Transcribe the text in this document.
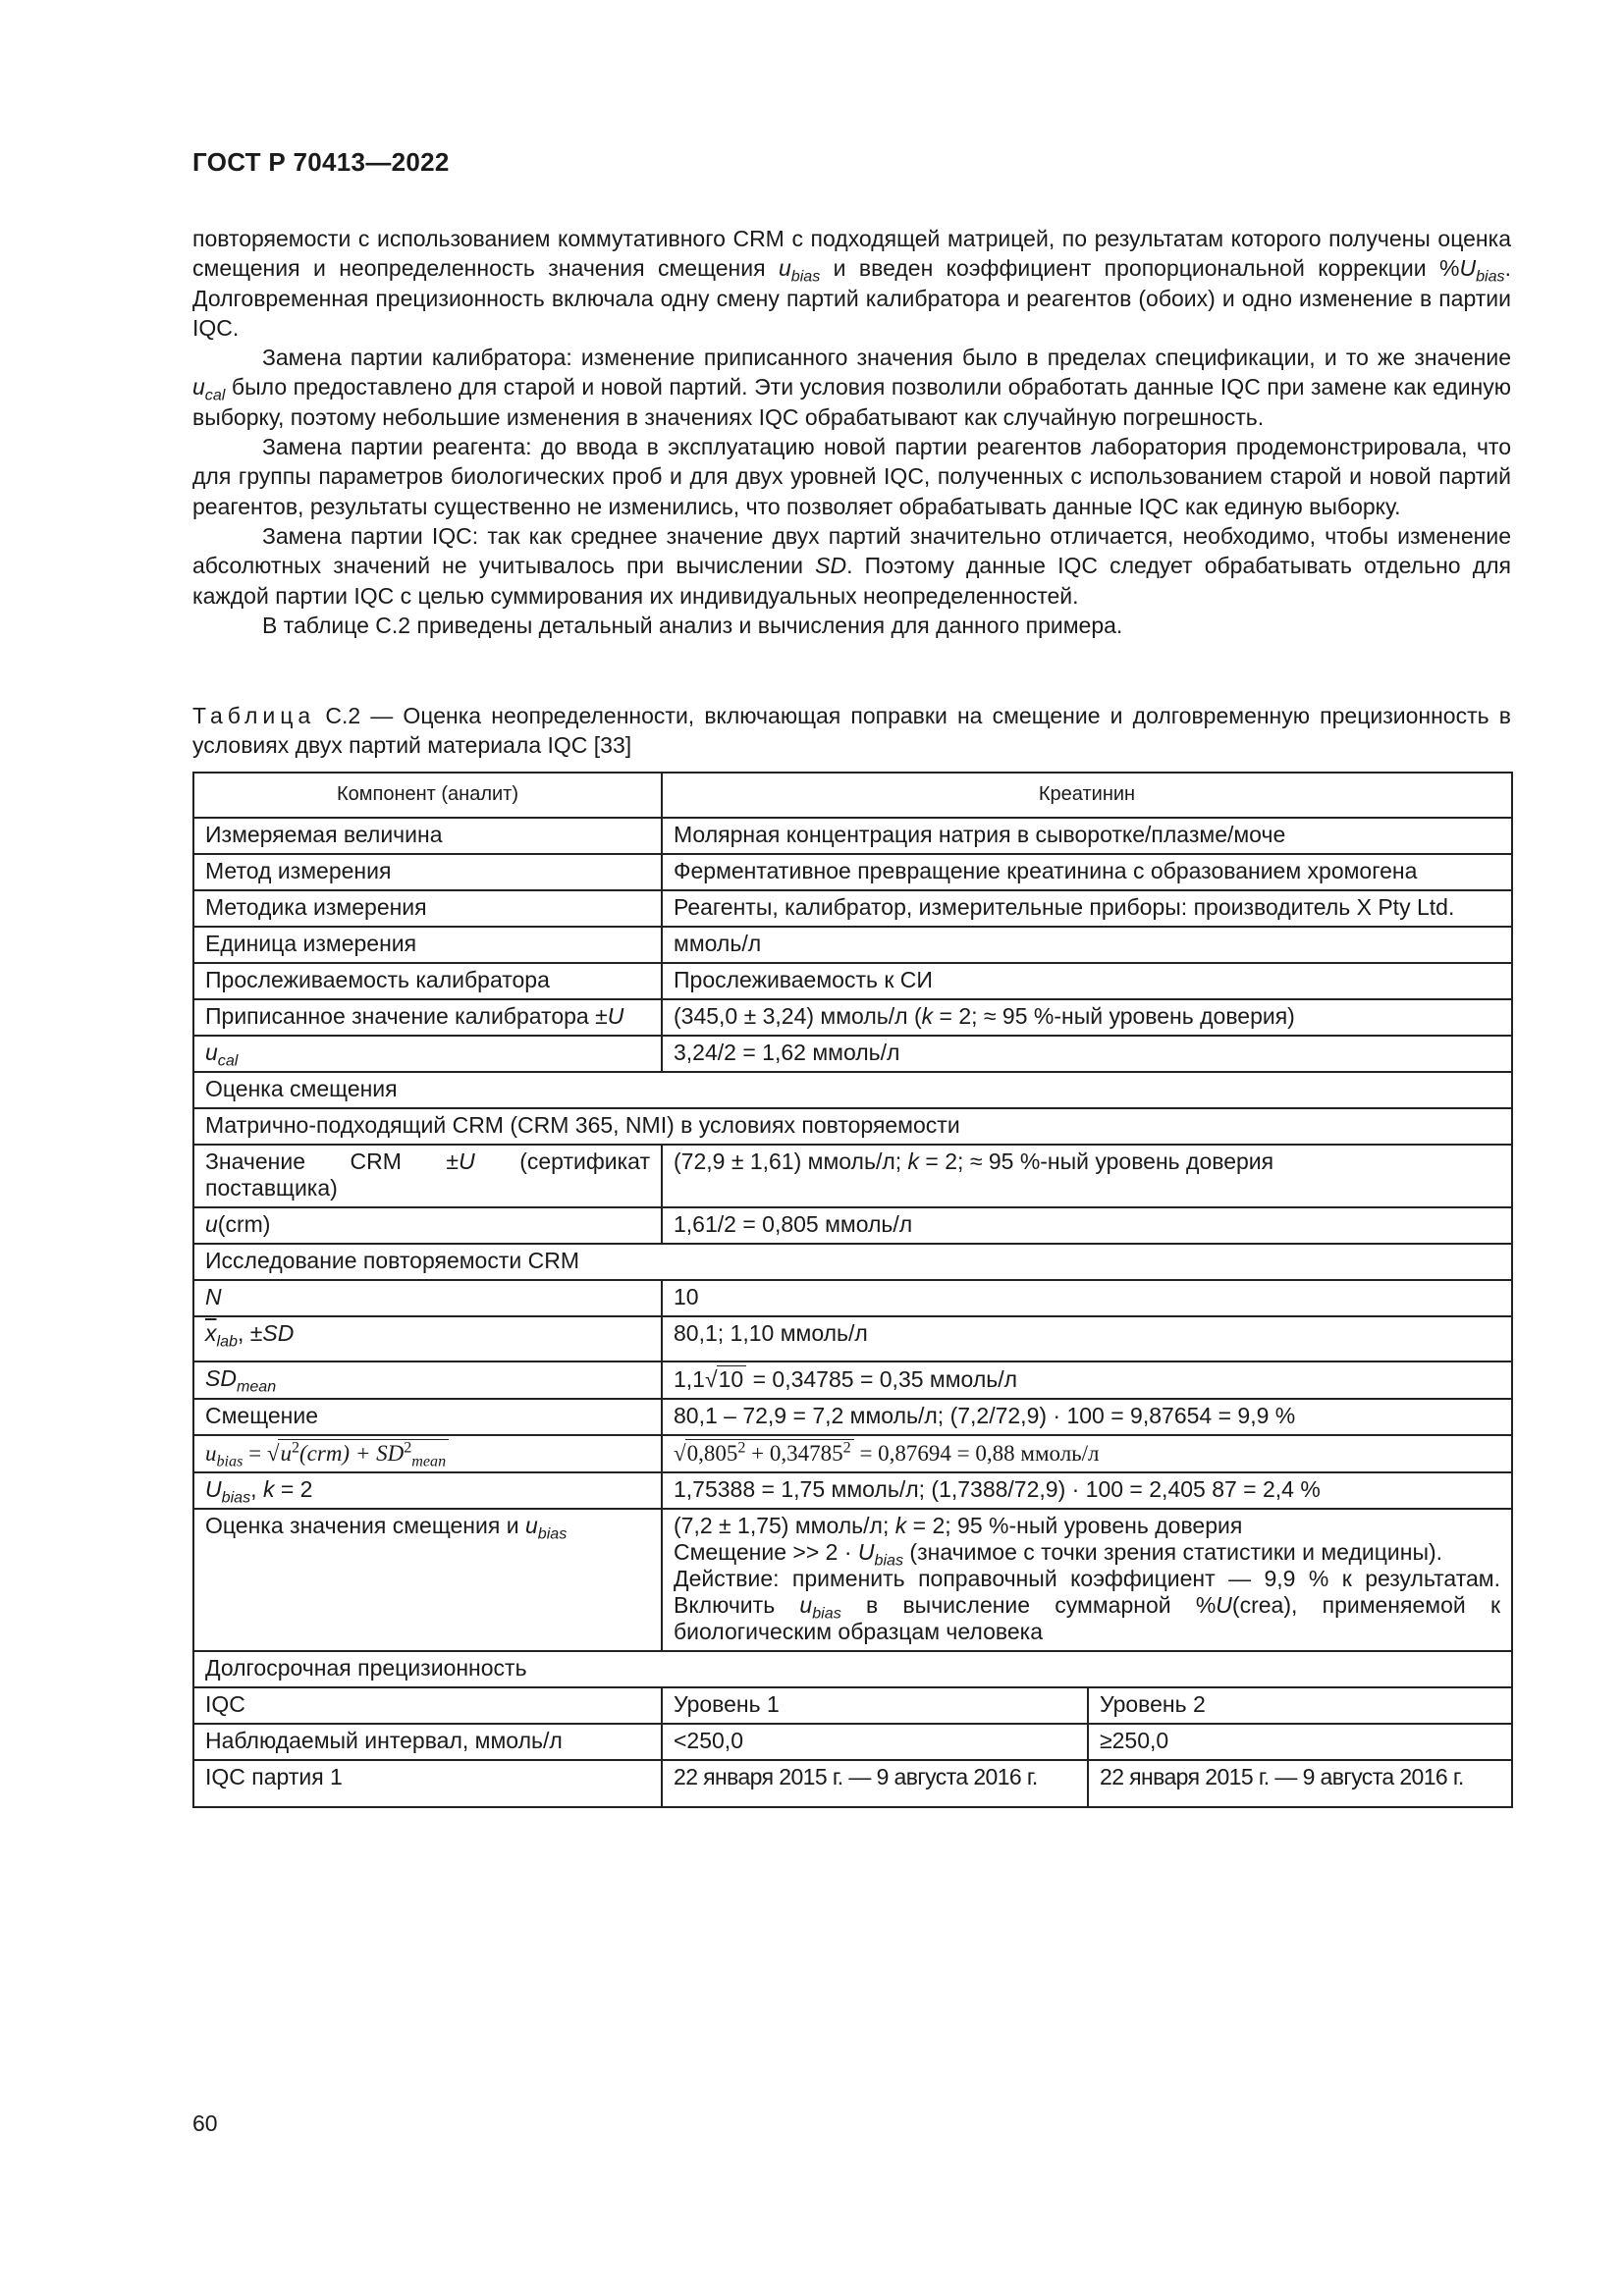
ГОСТ Р 70413—2022

повторяемости с использованием коммутативного CRM с подходящей матрицей, по результатам которого получены оценка смещения и неопределенность значения смещения $u_{bias}$ и введен коэффициент пропорциональной коррекции $\%U_{bias}$. Долговременная прецизионность включала одну смену партий калибратора и реагентов (обоих) и одно изменение в партии IQC.

Замена партии калибратора: изменение приписанного значения было в пределах спецификации, и то же значение $u_{cal}$ было предоставлено для старой и новой партий. Эти условия позволили обработать данные IQC при замене как единую выборку, поэтому небольшие изменения в значениях IQC обрабатывают как случайную погрешность.

Замена партии реагента: до ввода в эксплуатацию новой партии реагентов лаборатория продемонстрировала, что для группы параметров биологических проб и для двух уровней IQC, полученных с использованием старой и новой партий реагентов, результаты существенно не изменились, что позволяет обрабатывать данные IQC как единую выборку.

Замена партии IQC: так как среднее значение двух партий значительно отличается, необходимо, чтобы изменение абсолютных значений не учитывалось при вычислении SD. Поэтому данные IQC следует обрабатывать отдельно для каждой партии IQC с целью суммирования их индивидуальных неопределенностей.

В таблице С.2 приведены детальный анализ и вычисления для данного примера.

Таблица С.2 — Оценка неопределенности, включающая поправки на смещение и долговременную прецизионность в условиях двух партий материала IQC [33]
Компонент (аналит)	Креатинин	
Измеряемая величина	Молярная концентрация натрия в сыворотке/плазме/моче	
Метод измерения	Ферментативное превращение креатинина с образованием хромогена	
Методика измерения	Реагенты, калибратор, измерительные приборы: производитель X Pty Ltd.	
Единица измерения	ммоль/л	
Прослеживаемость калибратора	Прослеживаемость к СИ	
Приписанное значение калибратора ±U	(345,0 ± 3,24) ммоль/л (k = 2; ≈ 95 %-ный уровень доверия)	
$u_{cal}$	3,24/2 = 1,62 ммоль/л	
Оценка смещения		
Матрично-подходящий CRM (CRM 365, NMI) в условиях повторяемости		
Значение CRM ±U (сертификат поставщика)	(72,9 ± 1,61) ммоль/л; k = 2; ≈ 95 %-ный уровень доверия	
u(crm)	1,61/2 = 0,805 ммоль/л	
Исследование повторяемости CRM		
N	10	
$\overline{x}_{lab}$, ±SD	80,1; 1,10 ммоль/л	
$SD_{mean}$	1,1√10 = 0,34785 = 0,35 ммоль/л	
Смещение	80,1 – 72,9 = 7,2 ммоль/л; (7,2/72,9) · 100 = 9,87654 = 9,9 %	
$u_{bias} = √u^2(crm) + SD^2_{mean}$	$√0,805^2 + 0,34785^2 = 0,87694 = 0,88$ ммоль/л	
$U_{bias}$, k = 2	1,75388 = 1,75 ммоль/л; (1,7388/72,9) · 100 = 2,405 87 = 2,4 %	
Оценка значения смещения и $u_{bias}$	(7,2 ± 1,75) ммоль/л; k = 2; 95 %-ный уровень доверия
Смещение >> $2 \cdot U_{bias}$ (значимое с точки зрения статистики и медицины).
Действие: применить поправочный коэффициент — 9,9 % к результатам. Включить $u_{bias}$ в вычисление суммарной %U(crea), применяемой к биологическим образцам человека	

Долгосрочная прецизионность		
IQC	Уровень 1	Уровень 2
Наблюдаемый интервал, ммоль/л	<250,0	≥250,0
IQC партия 1	22 января 2015 г. — 9 августа 2016 г.	22 января 2015 г. — 9 августа 2016 г.
60
